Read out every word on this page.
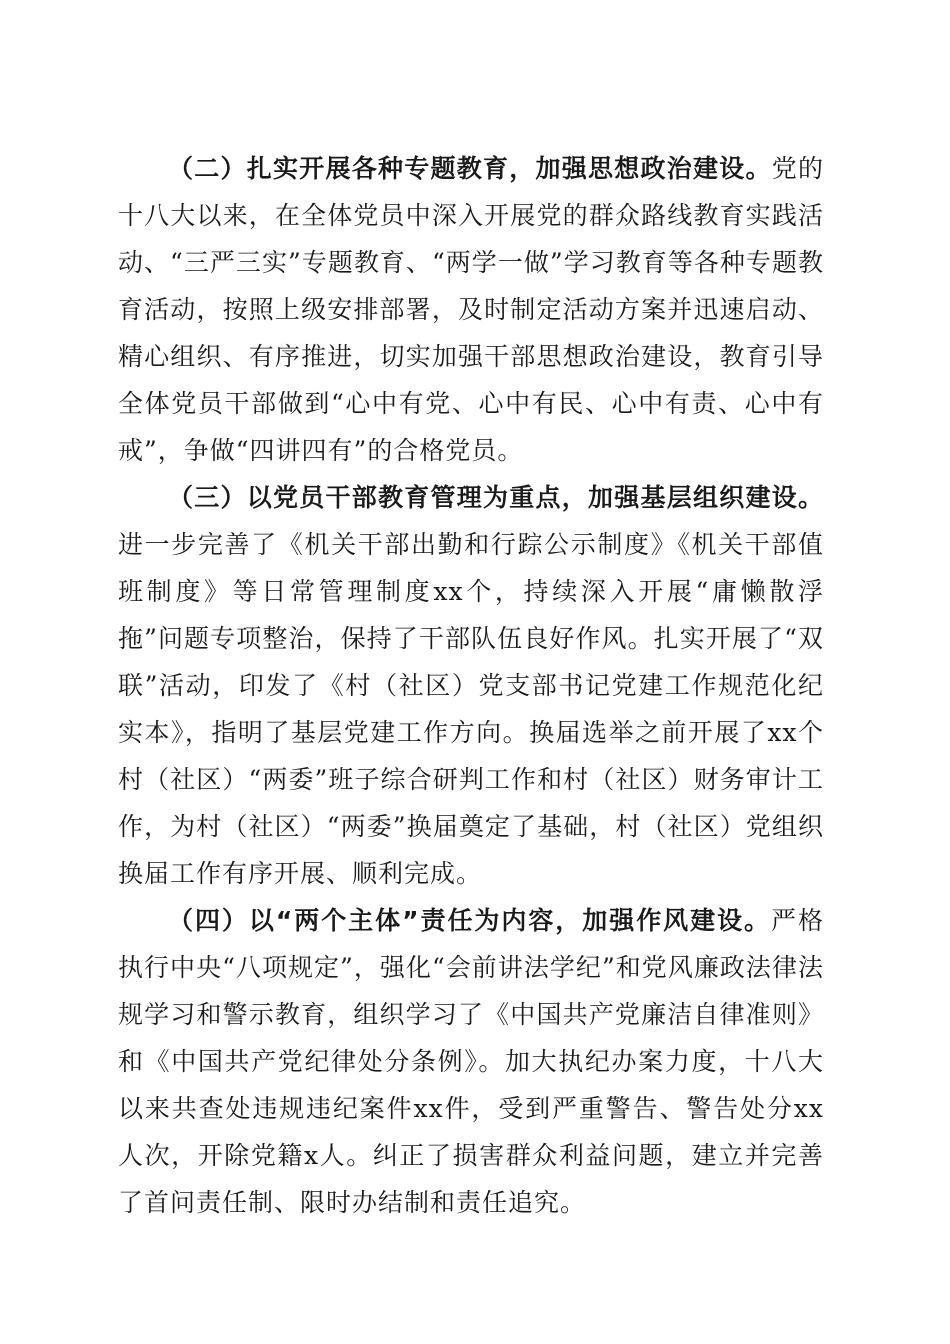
（二）扎实开展各种专题教育，加强思想政治建设。党的十八大以来，在全体党员中深入开展党的群众路线教育实践活动、“三严三实”专题教育、“两学一做”学习教育等各种专题教育活动，按照上级安排部署，及时制定活动方案并迅速启动、精心组织、有序推进，切实加强干部思想政治建设，教育引导全体党员干部做到“心中有党、心中有民、心中有责、心中有戒”，争做“四讲四有”的合格党员。

（三）以党员干部教育管理为重点，加强基层组织建设。进一步完善了《机关干部出勤和行踪公示制度》《机关干部值班制度》等日常管理制度xx个，持续深入开展“庸懒散浮拖”问题专项整治，保持了干部队伍良好作风。扎实开展了“双联”活动，印发了《村（社区）党支部书记党建工作规范化纪实本》，指明了基层党建工作方向。换届选举之前开展了xx个村（社区）“两委”班子综合研判工作和村（社区）财务审计工作，为村（社区）“两委”换届奠定了基础，村（社区）党组织换届工作有序开展、顺利完成。

（四）以“两个主体”责任为内容，加强作风建设。严格执行中央“八项规定”，强化“会前讲法学纪”和党风廉政法律法规学习和警示教育，组织学习了《中国共产党廉洁自律准则》和《中国共产党纪律处分条例》。加大执纪办案力度，十八大以来共查处违规违纪案件xx件，受到严重警告、警告处分xx人次，开除党籍x人。纠正了损害群众利益问题，建立并完善了首问责任制、限时办结制和责任追究。
